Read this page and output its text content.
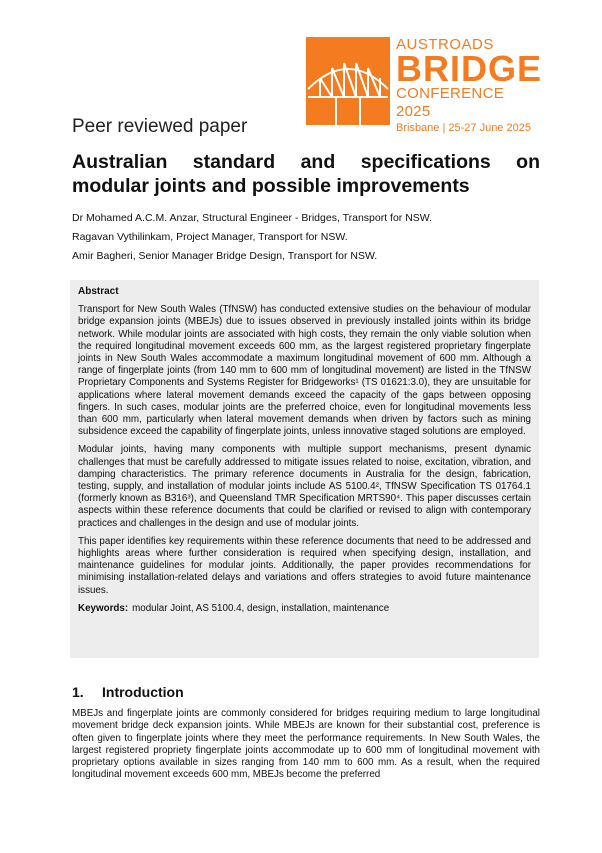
AUSTROADS
BRIDGE
CONFERENCE 2025
Brisbane | 25-27 June 2025
Peer reviewed paper
Australian standard and specifications on
modular joints and possible improvements
Dr Mohamed A.C.M. Anzar, Structural Engineer - Bridges, Transport for NSW.
Ragavan Vythilinkam, Project Manager, Transport for NSW.
Amir Bagheri, Senior Manager Bridge Design, Transport for NSW.
Abstract

Transport for New South Wales (TfNSW) has conducted extensive studies on the behaviour of modular bridge expansion joints (MBEJs) due to issues observed in previously installed joints within its bridge network. While modular joints are associated with high costs, they remain the only viable solution when the required longitudinal movement exceeds 600 mm, as the largest registered proprietary fingerplate joints in New South Wales accommodate a maximum longitudinal movement of 600 mm. Although a range of fingerplate joints (from 140 mm to 600 mm of longitudinal movement) are listed in the TfNSW Proprietary Components and Systems Register for Bridgeworks¹ (TS 01621:3.0), they are unsuitable for applications where lateral movement demands exceed the capacity of the gaps between opposing fingers. In such cases, modular joints are the preferred choice, even for longitudinal movements less than 600 mm, particularly when lateral movement demands when driven by factors such as mining subsidence exceed the capability of fingerplate joints, unless innovative staged solutions are employed.

Modular joints, having many components with multiple support mechanisms, present dynamic challenges that must be carefully addressed to mitigate issues related to noise, excitation, vibration, and damping characteristics. The primary reference documents in Australia for the design, fabrication, testing, supply, and installation of modular joints include AS 5100.4², TfNSW Specification TS 01764.1 (formerly known as B316³), and Queensland TMR Specification MRTS90⁴. This paper discusses certain aspects within these reference documents that could be clarified or revised to align with contemporary practices and challenges in the design and use of modular joints.

This paper identifies key requirements within these reference documents that need to be addressed and highlights areas where further consideration is required when specifying design, installation, and maintenance guidelines for modular joints. Additionally, the paper provides recommendations for minimising installation-related delays and variations and offers strategies to avoid future maintenance issues.

Keywords: modular Joint, AS 5100.4, design, installation, maintenance

1. Introduction
MBEJs and fingerplate joints are commonly considered for bridges requiring medium to large longitudinal movement bridge deck expansion joints. While MBEJs are known for their substantial cost, preference is often given to fingerplate joints where they meet the performance requirements. In New South Wales, the largest registered propriety fingerplate joints accommodate up to 600 mm of longitudinal movement with proprietary options available in sizes ranging from 140 mm to 600 mm. As a result, when the required longitudinal movement exceeds 600 mm, MBEJs become the preferred
